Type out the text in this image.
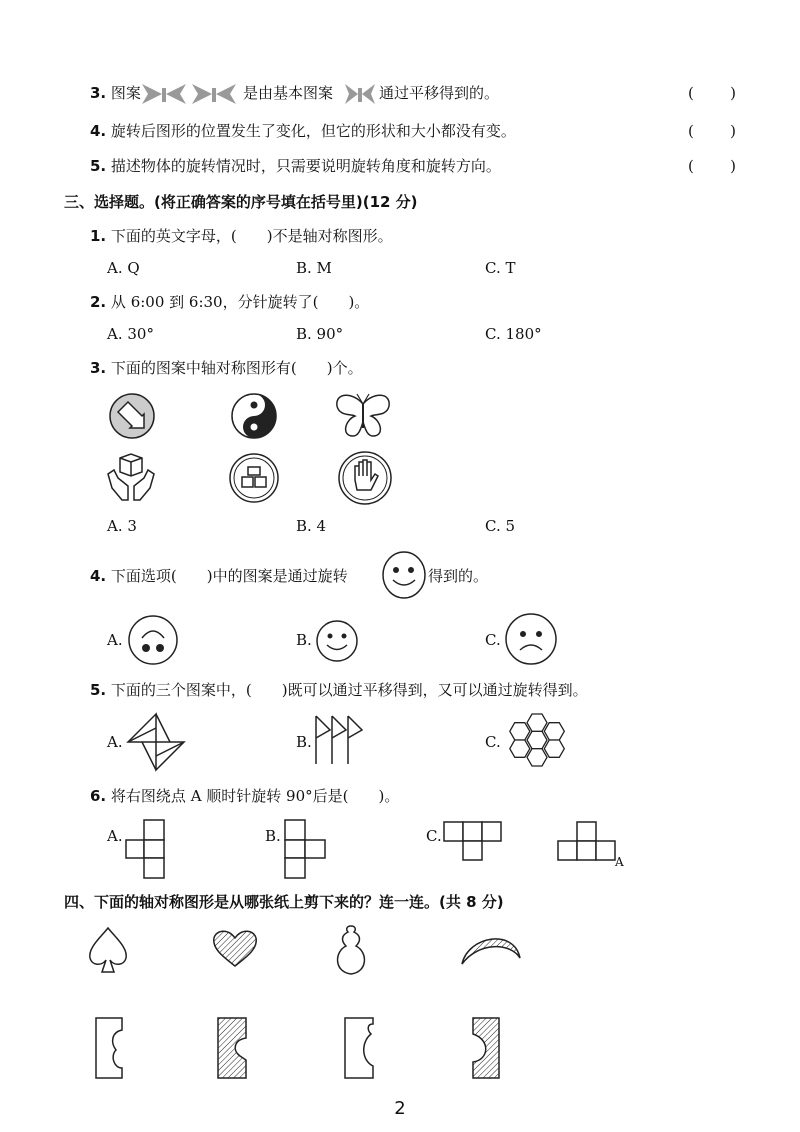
3. 图案	是由基本图案	通过平移得到的。	( )
4. 旋转后图形的位置发生了变化，但它的形状和大小都没有变。	( )
5. 描述物体的旋转情况时，只需要说明旋转角度和旋转方向。	( )
三、选择题。(将正确答案的序号填在括号里)(12 分)
1. 下面的英文字母，(　　)不是轴对称图形。
A. Q	B. M	C. T
2. 从 6:00 到 6:30，分针旋转了(　　)。
A. 30°	B. 90°	C. 180°
3. 下面的图案中轴对称图形有(　　)个。
A. 3	B. 4	C. 5
4. 下面选项(　　)中的图案是通过旋转	得到的。
A.	B.	C.
5. 下面的三个图案中，(　　)既可以通过平移得到，又可以通过旋转得到。
A.	B.	C.
6. 将右图绕点 A 顺时针旋转 90°后是(　　)。
A.	B.	C.
A
四、下面的轴对称图形是从哪张纸上剪下来的？连一连。(共 8 分)
2
